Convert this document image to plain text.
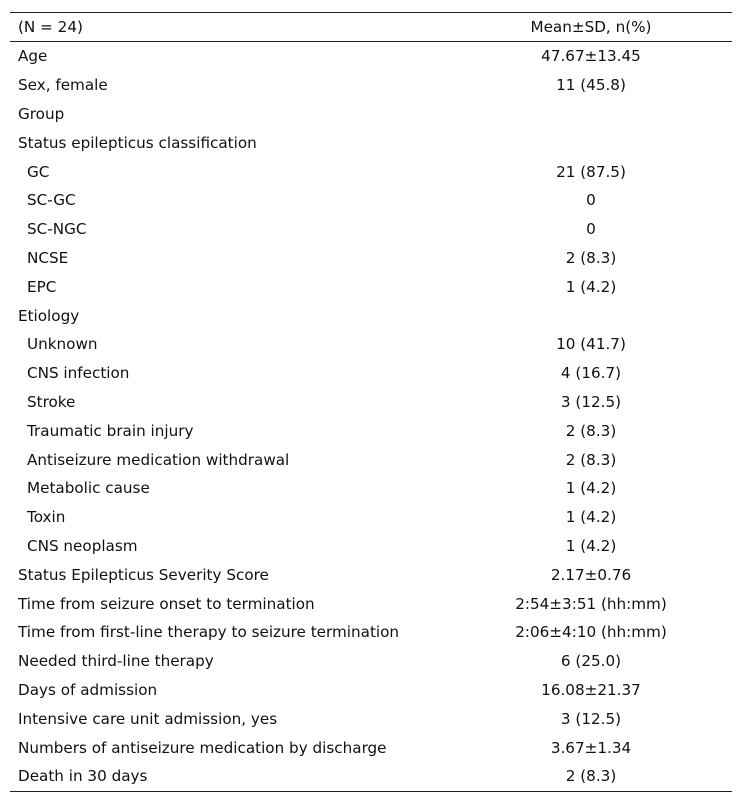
(N = 24)	Mean±SD, n(%)
Age	47.67±13.45
Sex, female	11 (45.8)
Group	
Status epilepticus classification	
GC	21 (87.5)
SC-GC	0
SC-NGC	0
NCSE	2 (8.3)
EPC	1 (4.2)
Etiology	
Unknown	10 (41.7)
CNS infection	4 (16.7)
Stroke	3 (12.5)
Traumatic brain injury	2 (8.3)
Antiseizure medication withdrawal	2 (8.3)
Metabolic cause	1 (4.2)
Toxin	1 (4.2)
CNS neoplasm	1 (4.2)
Status Epilepticus Severity Score	2.17±0.76
Time from seizure onset to termination	2:54±3:51 (hh:mm)
Time from first-line therapy to seizure termination	2:06±4:10 (hh:mm)
Needed third-line therapy	6 (25.0)
Days of admission	16.08±21.37
Intensive care unit admission, yes	3 (12.5)
Numbers of antiseizure medication by discharge	3.67±1.34
Death in 30 days	2 (8.3)
